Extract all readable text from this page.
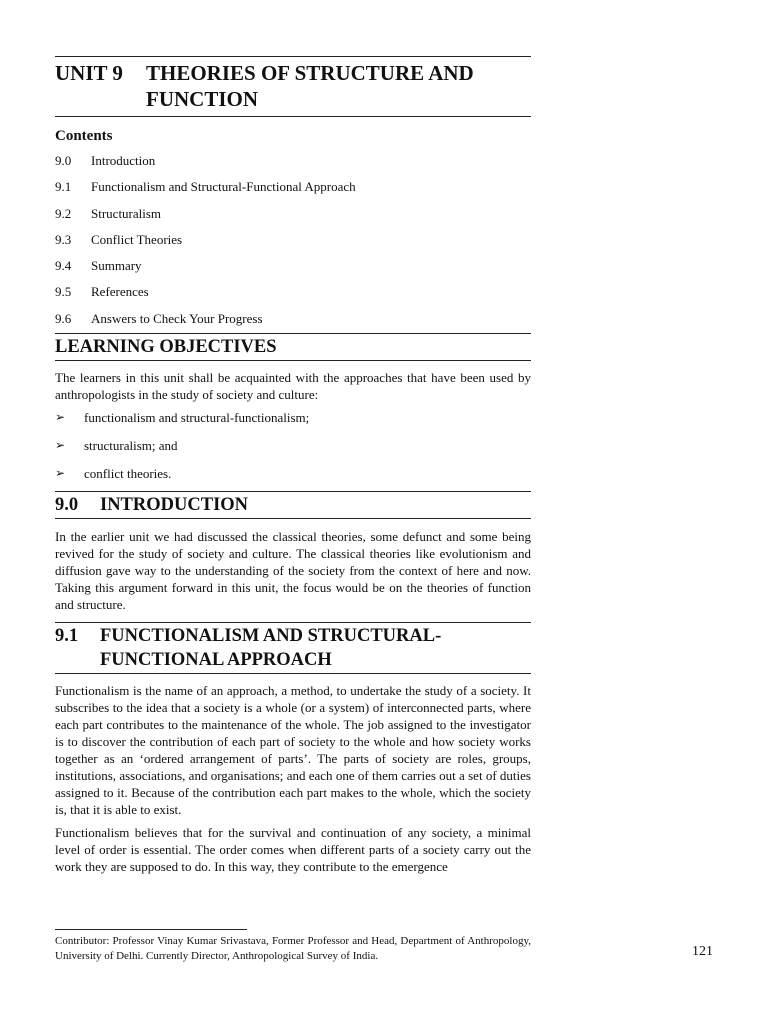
UNIT 9	THEORIES OF STRUCTURE AND
FUNCTION
Contents
9.0	Introduction
9.1	Functionalism and Structural-Functional Approach
9.2	Structuralism
9.3	Conflict Theories
9.4	Summary
9.5	References
9.6	Answers to Check Your Progress
LEARNING OBJECTIVES

The learners in this unit shall be acquainted with the approaches that have been used by anthropologists in the study of society and culture:

➢	functionalism and structural-functionalism;
➢	structuralism; and
➢	conflict theories.
9.0	INTRODUCTION

In the earlier unit we had discussed the classical theories, some defunct and some being revived for the study of society and culture. The classical theories like evolutionism and diffusion gave way to the understanding of the society from the context of here and now. Taking this argument forward in this unit, the focus would be on the theories of function and structure.

9.1	FUNCTIONALISM AND STRUCTURAL-
FUNCTIONAL APPROACH

Functionalism is the name of an approach, a method, to undertake the study of a society. It subscribes to the idea that a society is a whole (or a system) of interconnected parts, where each part contributes to the maintenance of the whole. The job assigned to the investigator is to discover the contribution of each part of society to the whole and how society works together as an ‘ordered arrangement of parts’. The parts of society are roles, groups, institutions, associations, and organisations; and each one of them carries out a set of duties assigned to it. Because of the contribution each part makes to the whole, which the society is, that it is able to exist.

Functionalism believes that for the survival and continuation of any society, a minimal level of order is essential. The order comes when different parts of a society carry out the work they are supposed to do. In this way, they contribute to the emergence

Contributor: Professor Vinay Kumar Srivastava, Former Professor and Head, Department of Anthropology, University of Delhi. Currently Director, Anthropological Survey of India.	121
